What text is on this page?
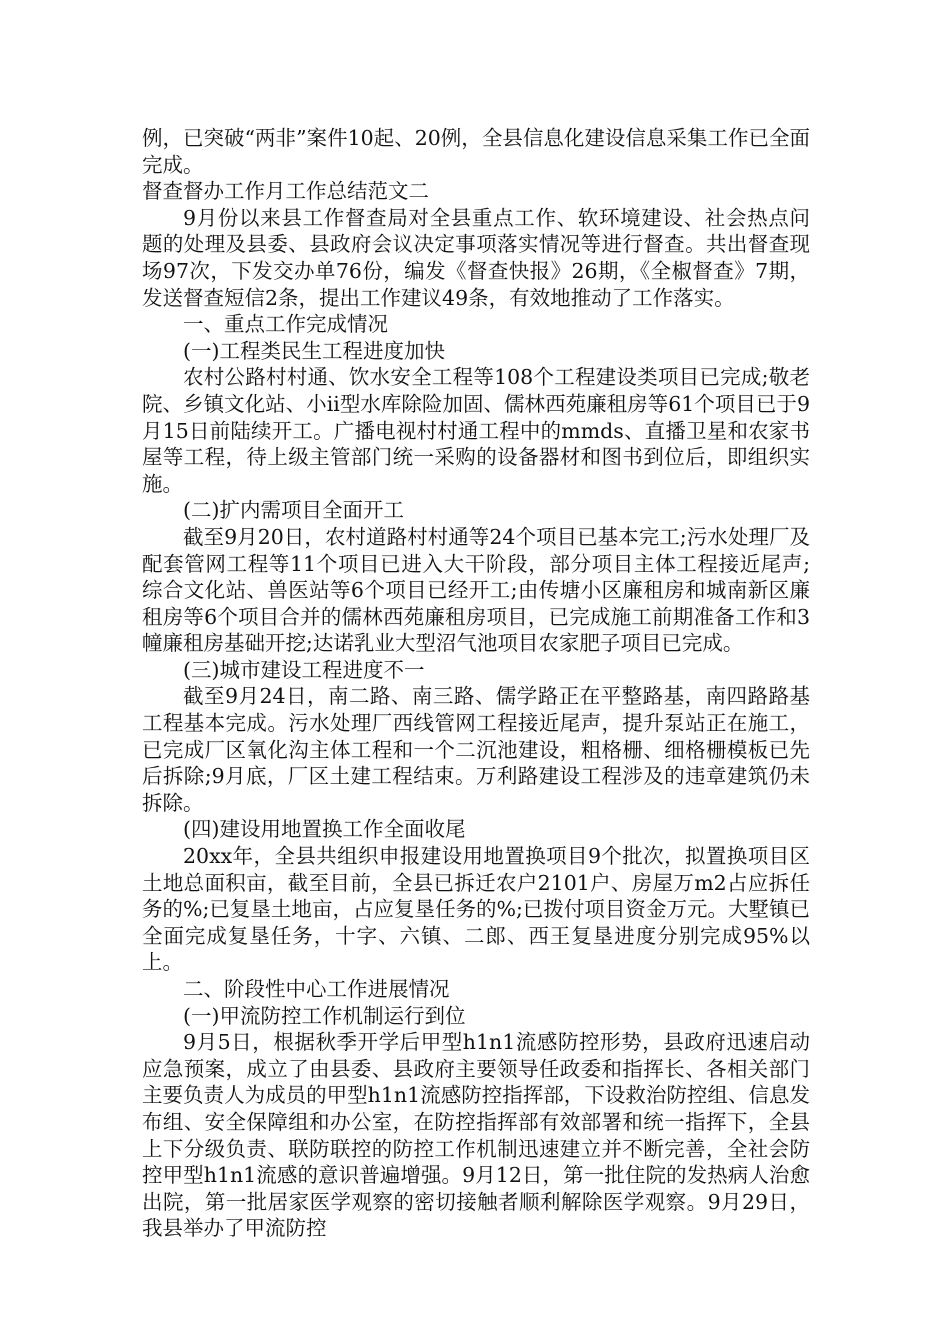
例，已突破“两非”案件10起、20例，全县信息化建设信息采集工作已全面完成。

督查督办工作月工作总结范文二

9月份以来县工作督查局对全县重点工作、软环境建设、社会热点问题的处理及县委、县政府会议决定事项落实情况等进行督查。共出督查现场97次，下发交办单76份，编发《督查快报》26期，《全椒督查》7期，发送督查短信2条，提出工作建议49条，有效地推动了工作落实。

一、重点工作完成情况

(一)工程类民生工程进度加快

农村公路村村通、饮水安全工程等108个工程建设类项目已完成;敬老院、乡镇文化站、小ii型水库除险加固、儒林西苑廉租房等61个项目已于9月15日前陆续开工。广播电视村村通工程中的mmds、直播卫星和农家书屋等工程，待上级主管部门统一采购的设备器材和图书到位后，即组织实施。

(二)扩内需项目全面开工

截至9月20日，农村道路村村通等24个项目已基本完工;污水处理厂及配套管网工程等11个项目已进入大干阶段，部分项目主体工程接近尾声;综合文化站、兽医站等6个项目已经开工;由传塘小区廉租房和城南新区廉租房等6个项目合并的儒林西苑廉租房项目，已完成施工前期准备工作和3幢廉租房基础开挖;达诺乳业大型沼气池项目农家肥子项目已完成。

(三)城市建设工程进度不一

截至9月24日，南二路、南三路、儒学路正在平整路基，南四路路基工程基本完成。污水处理厂西线管网工程接近尾声，提升泵站正在施工，已完成厂区氧化沟主体工程和一个二沉池建设，粗格栅、细格栅模板已先后拆除;9月底，厂区土建工程结束。万利路建设工程涉及的违章建筑仍未拆除。

(四)建设用地置换工作全面收尾

20xx年，全县共组织申报建设用地置换项目9个批次，拟置换项目区土地总面积亩，截至目前，全县已拆迁农户2101户、房屋万m2占应拆任务的%;已复垦土地亩，占应复垦任务的%;已拨付项目资金万元。大墅镇已全面完成复垦任务，十字、六镇、二郎、西王复垦进度分别完成95%以上。

二、阶段性中心工作进展情况

(一)甲流防控工作机制运行到位

9月5日，根据秋季开学后甲型h1n1流感防控形势，县政府迅速启动应急预案，成立了由县委、县政府主要领导任政委和指挥长、各相关部门主要负责人为成员的甲型h1n1流感防控指挥部，下设救治防控组、信息发布组、安全保障组和办公室，在防控指挥部有效部署和统一指挥下，全县上下分级负责、联防联控的防控工作机制迅速建立并不断完善，全社会防控甲型h1n1流感的意识普遍增强。9月12日，第一批住院的发热病人治愈出院，第一批居家医学观察的密切接触者顺利解除医学观察。9月29日，我县举办了甲流防控
